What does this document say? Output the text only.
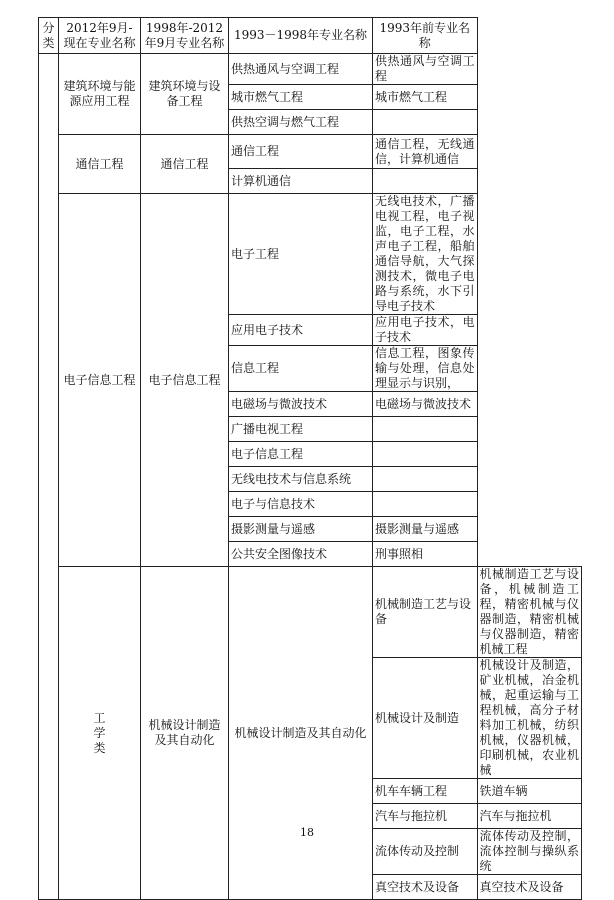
分类	2012年9月-现在专业名称	1998年-2012年9月专业名称	1993－1998年专业名称	1993年前专业名称	
	建筑环境与能源应用工程	建筑环境与设备工程	供热通风与空调工程	供热通风与空调工程	
			城市燃气工程	城市燃气工程	
			供热空调与燃气工程		
	通信工程	通信工程	通信工程	通信工程，无线通信，计算机通信	
			计算机通信		
	电子信息工程	电子信息工程	电子工程	无线电技术，广播电视工程，电子视监，电子工程，水声电子工程，船舶通信导航，大气探测技术，微电子电路与系统，水下引导电子技术	
			应用电子技术	应用电子技术，电子技术	
			信息工程	信息工程，图象传输与处理，信息处理显示与识别，	
			电磁场与微波技术	电磁场与微波技术	
			广播电视工程		
			电子信息工程		
			无线电技术与信息系统		
			电子与信息技术		
			摄影测量与遥感	摄影测量与遥感	
			公共安全图像技术	刑事照相	
	工学类	机械设计制造及其自动化	机械设计制造及其自动化	机械制造工艺与设备	机械制造工艺与设备，机械制造工程，精密机械与仪器制造，精密机械与仪器制造，精密机械工程
				机械设计及制造	机械设计及制造，矿业机械，冶金机械，起重运输与工程机械，高分子材料加工机械，纺织机械，仪器机械，印刷机械，农业机械
				机车车辆工程	铁道车辆
				汽车与拖拉机	汽车与拖拉机
				流体传动及控制	流体传动及控制，流体控制与操纵系统
				真空技术及设备	真空技术及设备
18
